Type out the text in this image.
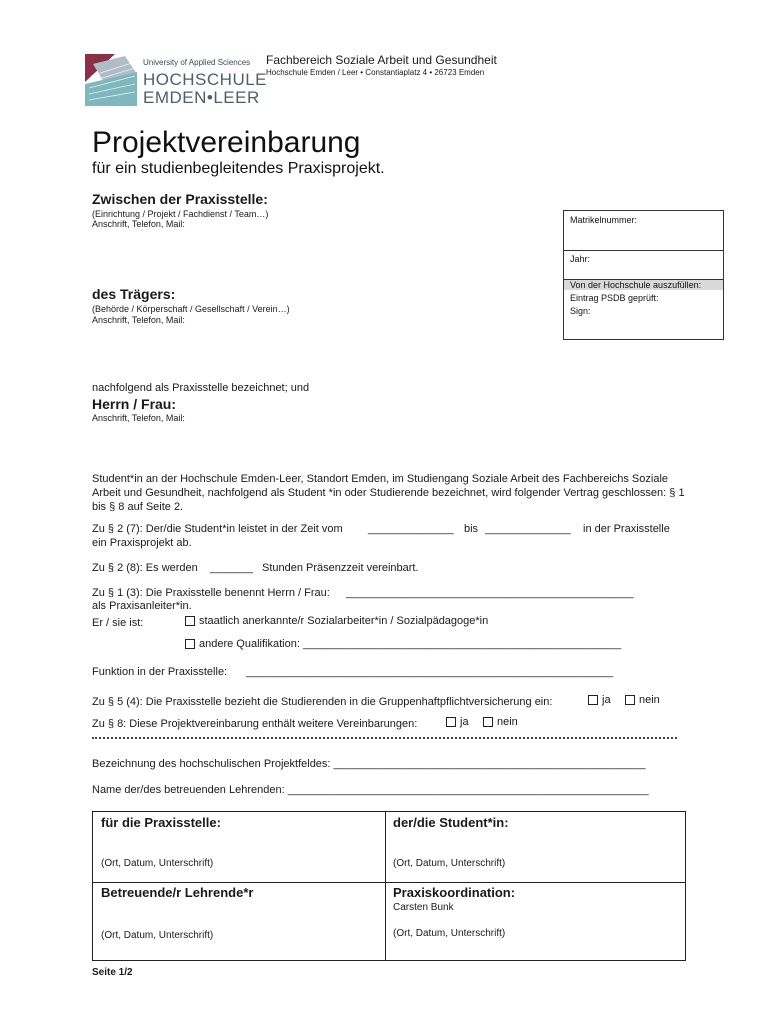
University of Applied Sciences
HOCHSCHULE
EMDEN•LEER
Fachbereich Soziale Arbeit und Gesundheit
Hochschule Emden / Leer • Constantiaplatz 4 • 26723 Emden
Projektvereinbarung
für ein studienbegleitendes Praxisprojekt.
Zwischen der Praxisstelle:
(Einrichtung / Projekt / Fachdienst / Team…)
Anschrift, Telefon, Mail:	Matrikelnummer:
Jahr:
Von der Hochschule auszufüllen:
Eintrag PSDB geprüft:
Sign:
des Trägers:
(Behörde / Körperschaft / Gesellschaft / Verein…)
Anschrift, Telefon, Mail:
nachfolgend als Praxisstelle bezeichnet; und
Herrn / Frau:
Anschrift, Telefon, Mail:
Student*in an der Hochschule Emden-Leer, Standort Emden, im Studiengang Soziale Arbeit des Fachbereichs Soziale Arbeit und Gesundheit, nachfolgend als Student *in oder Studierende bezeichnet, wird folgender Vertrag geschlossen: § 1 bis § 8 auf Seite 2.
Zu § 2 (7): Der/die Student*in leistet in der Zeit vom ______________ bis ______________ in der Praxisstelle
ein Praxisprojekt ab.
Zu § 2 (8): Es werden _______ Stunden Präsenzzeit vereinbart.
Zu § 1 (3): Die Praxisstelle benennt Herrn / Frau: _______________________________________________
als Praxisanleiter*in.
Er / sie ist:	staatlich anerkannte/r Sozialarbeiter*in / Sozialpädagoge*in
andere Qualifikation: ____________________________________________________
Funktion in der Praxisstelle: ____________________________________________________________
Zu § 5 (4): Die Praxisstelle bezieht die Studierenden in die Gruppenhaftpflichtversicherung ein:	ja	nein
Zu § 8: Diese Projektvereinbarung enthält weitere Vereinbarungen:	ja	nein
Bezeichnung des hochschulischen Projektfeldes: ___________________________________________________
Name der/des betreuenden Lehrenden: ___________________________________________________________
für die Praxisstelle:	der/die Student*in:
(Ort, Datum, Unterschrift)	(Ort, Datum, Unterschrift)
Betreuende/r Lehrende*r	Praxiskoordination:
Carsten Bunk
(Ort, Datum, Unterschrift)	(Ort, Datum, Unterschrift)
Seite 1/2
